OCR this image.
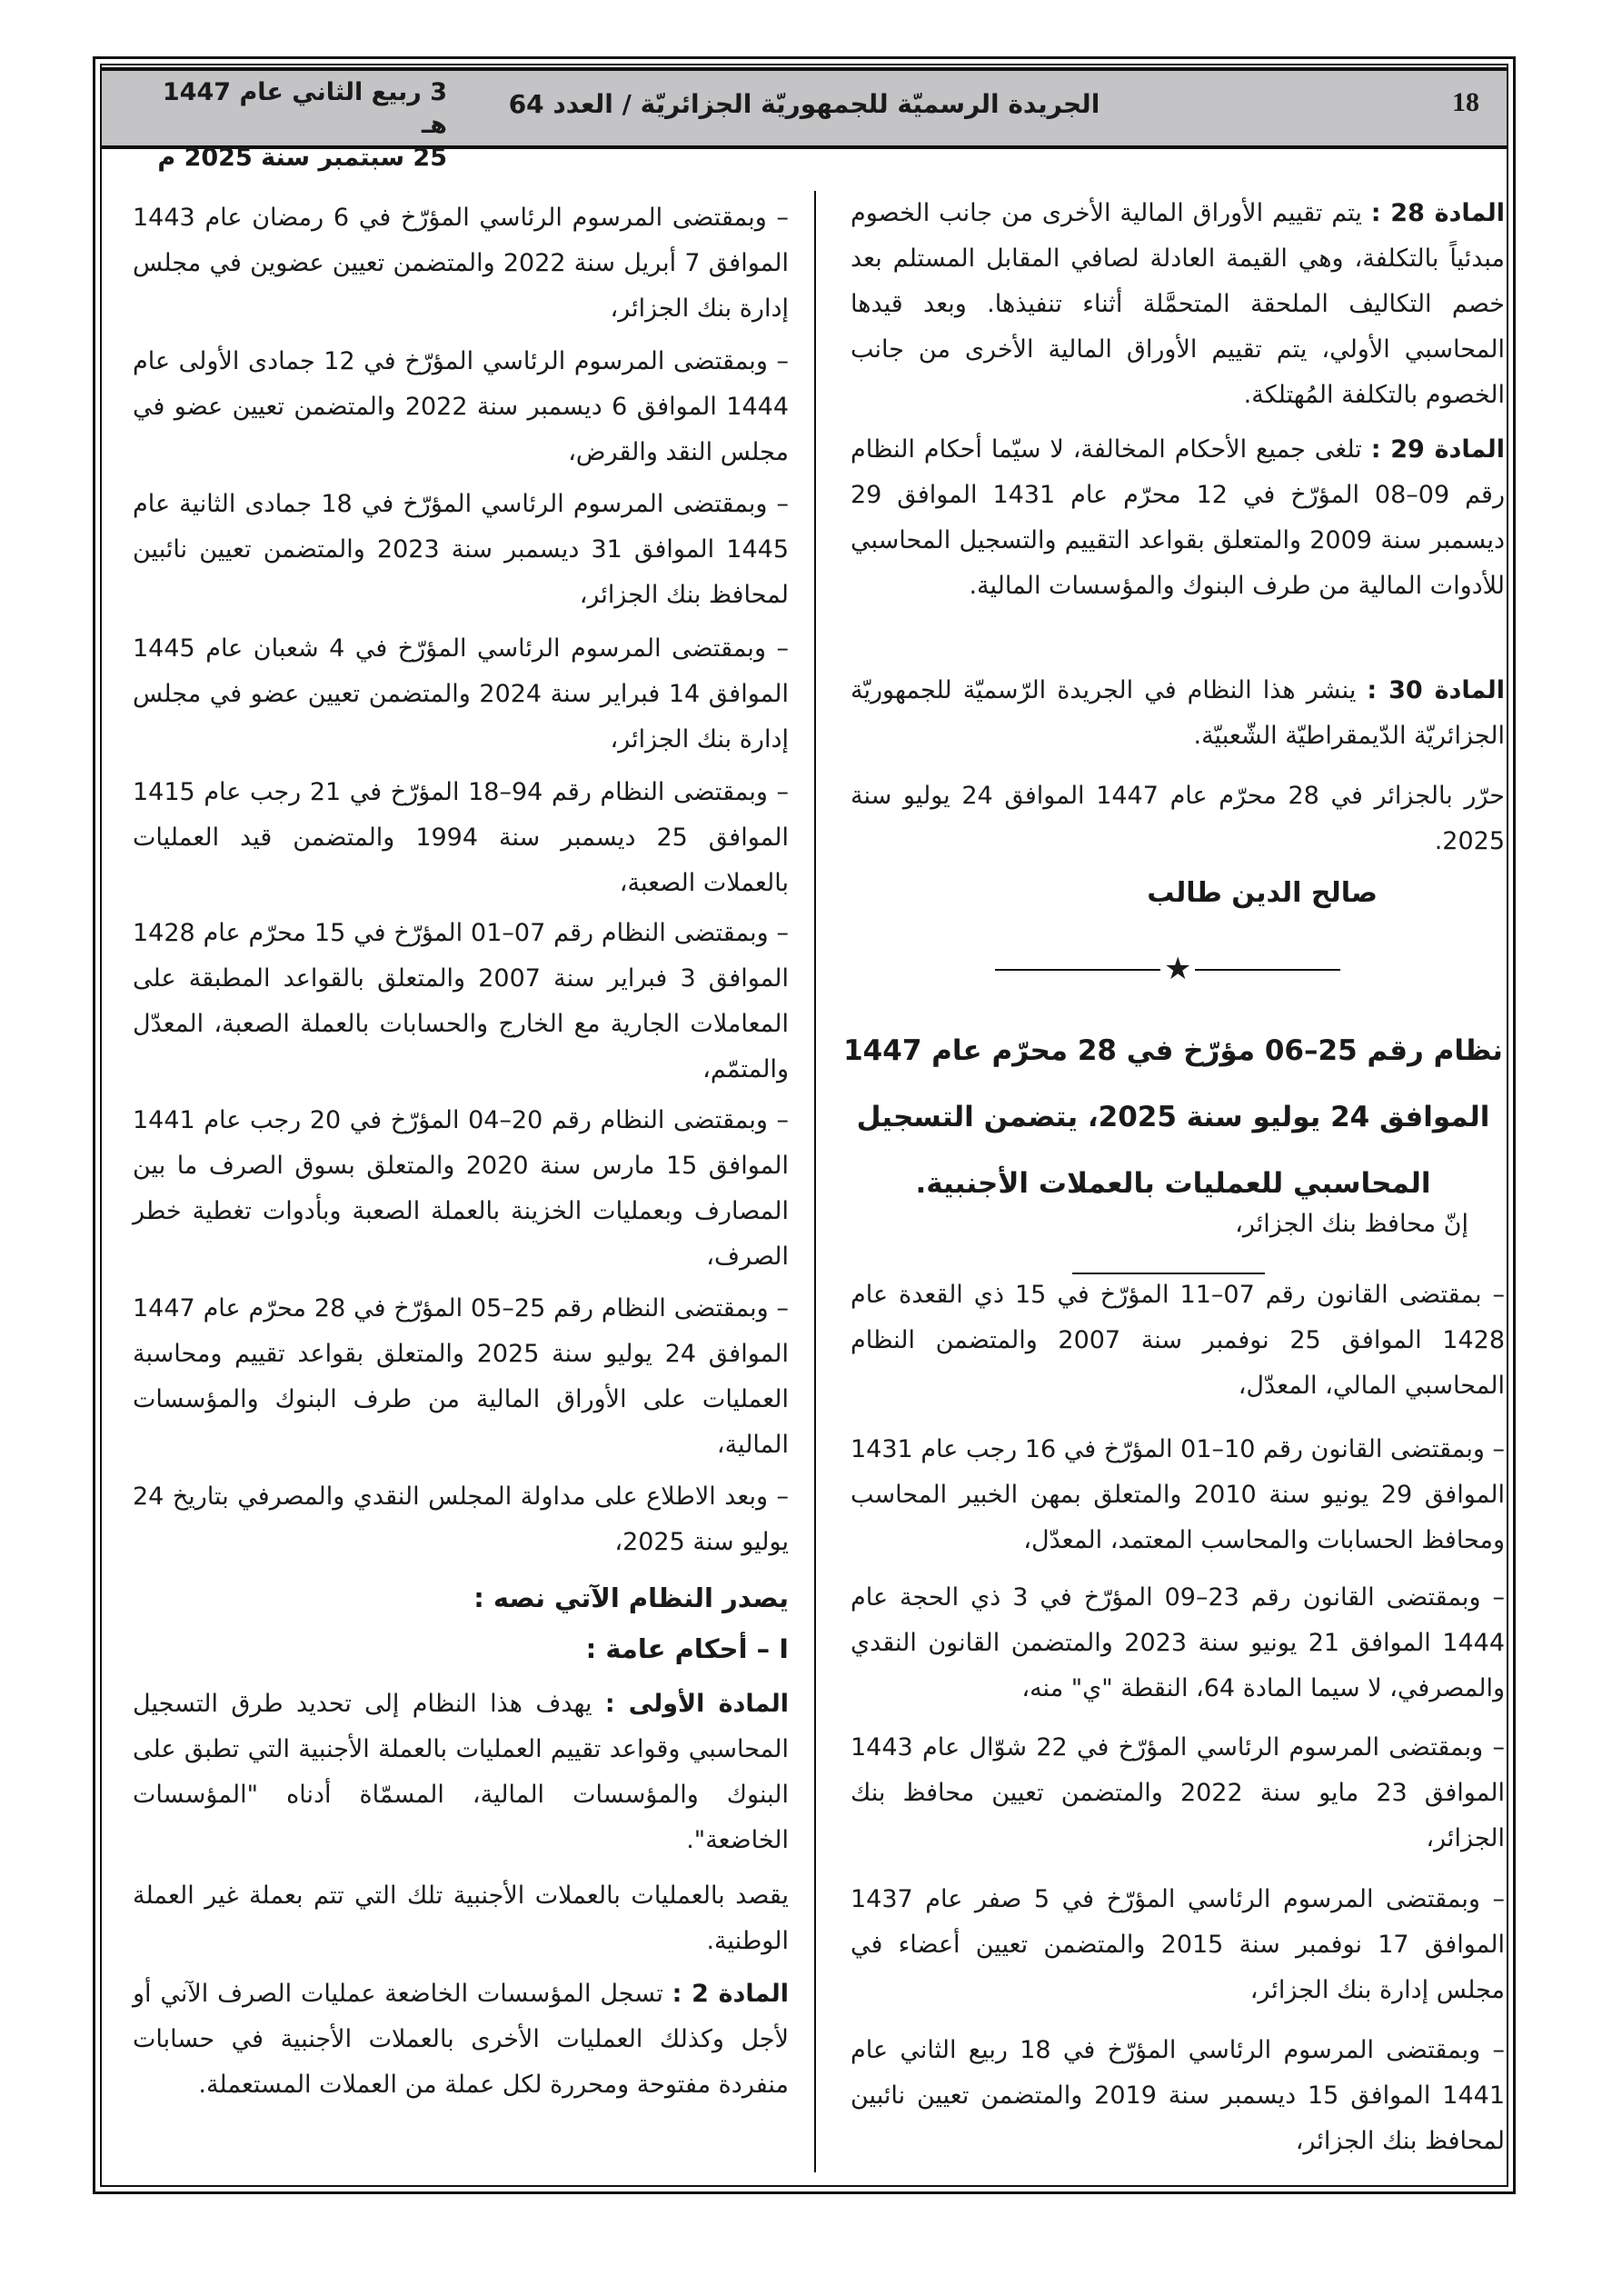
18
الجريدة الرسميّة للجمهوريّة الجزائريّة / العدد 64
3 ربيع الثاني عام 1447 هـ
25 سبتمبر سنة 2025 م
المادة 28 : يتم تقييم الأوراق المالية الأخرى من جانب الخصوم مبدئياً بالتكلفة، وهي القيمة العادلة لصافي المقابل المستلم بعد خصم التكاليف الملحقة المتحمَّلة أثناء تنفيذها. وبعد قيدها المحاسبي الأولي، يتم تقييم الأوراق المالية الأخرى من جانب الخصوم بالتكلفة المُهتلكة.
المادة 29 : تلغى جميع الأحكام المخالفة، لا سيّما أحكام النظام رقم 09–08 المؤرّخ في 12 محرّم عام 1431 الموافق 29 ديسمبر سنة 2009 والمتعلق بقواعد التقييم والتسجيل المحاسبي للأدوات المالية من طرف البنوك والمؤسسات المالية.
المادة 30 : ينشر هذا النظام في الجريدة الرّسميّة للجمهوريّة الجزائريّة الدّيمقراطيّة الشّعبيّة.
حرّر بالجزائر في 28 محرّم عام 1447 الموافق 24 يوليو سنة 2025.
صالح الدين طالب
نظام رقم 25–06 مؤرّخ في 28 محرّم عام 1447 الموافق 24 يوليو سنة 2025، يتضمن التسجيل المحاسبي للعمليات بالعملات الأجنبية.
إنّ محافظ بنك الجزائر،
– بمقتضى القانون رقم 07–11 المؤرّخ في 15 ذي القعدة عام 1428 الموافق 25 نوفمبر سنة 2007 والمتضمن النظام المحاسبي المالي، المعدّل،
– وبمقتضى القانون رقم 10–01 المؤرّخ في 16 رجب عام 1431 الموافق 29 يونيو سنة 2010 والمتعلق بمهن الخبير المحاسب ومحافظ الحسابات والمحاسب المعتمد، المعدّل،
– وبمقتضى القانون رقم 23–09 المؤرّخ في 3 ذي الحجة عام 1444 الموافق 21 يونيو سنة 2023 والمتضمن القانون النقدي والمصرفي، لا سيما المادة 64، النقطة "ي" منه،
– وبمقتضى المرسوم الرئاسي المؤرّخ في 22 شوّال عام 1443 الموافق 23 مايو سنة 2022 والمتضمن تعيين محافظ بنك الجزائر،
– وبمقتضى المرسوم الرئاسي المؤرّخ في 5 صفر عام 1437 الموافق 17 نوفمبر سنة 2015 والمتضمن تعيين أعضاء في مجلس إدارة بنك الجزائر،
– وبمقتضى المرسوم الرئاسي المؤرّخ في 18 ربيع الثاني عام 1441 الموافق 15 ديسمبر سنة 2019 والمتضمن تعيين نائبين لمحافظ بنك الجزائر،
★
– وبمقتضى المرسوم الرئاسي المؤرّخ في 6 رمضان عام 1443 الموافق 7 أبريل سنة 2022 والمتضمن تعيين عضوين في مجلس إدارة بنك الجزائر،
– وبمقتضى المرسوم الرئاسي المؤرّخ في 12 جمادى الأولى عام 1444 الموافق 6 ديسمبر سنة 2022 والمتضمن تعيين عضو في مجلس النقد والقرض،
– وبمقتضى المرسوم الرئاسي المؤرّخ في 18 جمادى الثانية عام 1445 الموافق 31 ديسمبر سنة 2023 والمتضمن تعيين نائبين لمحافظ بنك الجزائر،
– وبمقتضى المرسوم الرئاسي المؤرّخ في 4 شعبان عام 1445 الموافق 14 فبراير سنة 2024 والمتضمن تعيين عضو في مجلس إدارة بنك الجزائر،
– وبمقتضى النظام رقم 94–18 المؤرّخ في 21 رجب عام 1415 الموافق 25 ديسمبر سنة 1994 والمتضمن قيد العمليات بالعملات الصعبة،
– وبمقتضى النظام رقم 07–01 المؤرّخ في 15 محرّم عام 1428 الموافق 3 فبراير سنة 2007 والمتعلق بالقواعد المطبقة على المعاملات الجارية مع الخارج والحسابات بالعملة الصعبة، المعدّل والمتمّم،
– وبمقتضى النظام رقم 20–04 المؤرّخ في 20 رجب عام 1441 الموافق 15 مارس سنة 2020 والمتعلق بسوق الصرف ما بين المصارف وبعمليات الخزينة بالعملة الصعبة وبأدوات تغطية خطر الصرف،
– وبمقتضى النظام رقم 25–05 المؤرّخ في 28 محرّم عام 1447 الموافق 24 يوليو سنة 2025 والمتعلق بقواعد تقييم ومحاسبة العمليات على الأوراق المالية من طرف البنوك والمؤسسات المالية،
– وبعد الاطلاع على مداولة المجلس النقدي والمصرفي بتاريخ 24 يوليو سنة 2025،
يصدر النظام الآتي نصه :
I – أحكام عامة :
المادة الأولى : يهدف هذا النظام إلى تحديد طرق التسجيل المحاسبي وقواعد تقييم العمليات بالعملة الأجنبية التي تطبق على البنوك والمؤسسات المالية، المسمّاة أدناه "المؤسسات الخاضعة".
يقصد بالعمليات بالعملات الأجنبية تلك التي تتم بعملة غير العملة الوطنية.
المادة 2 : تسجل المؤسسات الخاضعة عمليات الصرف الآني أو لأجل وكذلك العمليات الأخرى بالعملات الأجنبية في حسابات منفردة مفتوحة ومحررة لكل عملة من العملات المستعملة.
